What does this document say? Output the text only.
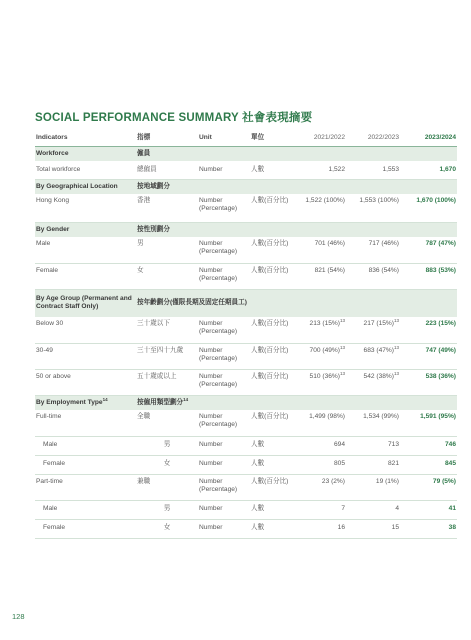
SOCIAL PERFORMANCE SUMMARY 社會表現摘要
Indicators	指標	Unit	單位	2021/2022	2022/2023	2023/2024
Workforce	僱員					
Total workforce	總僱員	Number	人數	1,522	1,553	1,670
By Geographical Location	按地域劃分					
Hong Kong	香港	Number (Percentage)	人數(百分比)	1,522 (100%)	1,553 (100%)	1,670 (100%)
By Gender	按性別劃分					
Male	男	Number (Percentage)	人數(百分比)	701 (46%)	717 (46%)	787 (47%)
Female	女	Number (Percentage)	人數(百分比)	821 (54%)	836 (54%)	883 (53%)
By Age Group (Permanent and Contract Staff Only)	按年齡劃分(僅限長期及固定任期員工)					
Below 30	三十歲以下	Number (Percentage)	人數(百分比)	213 $(15\%)^{13}$	217 $(15\%)^{13}$	223 (15%)
30-49	三十至四十九歲	Number (Percentage)	人數(百分比)	700 $(49\%)^{13}$	683 $(47\%)^{13}$	747 (49%)
50 or above	五十歲或以上	Number (Percentage)	人數(百分比)	510 $(36\%)^{13}$	542 $(38\%)^{13}$	538 (36%)
By Employment Type$^{14}$	按僱用類型劃分$^{14}$
Full-time	全職	Number (Percentage)	人數(百分比)	1,499 (98%)	1,534 (99%)	1,591 (95%)
Male	男	Number	人數	694	713	746
Female	女	Number	人數	805	821	845
Part-time	兼職	Number (Percentage)	人數(百分比)	23 (2%)	19 (1%)	79 (5%)
Male	男	Number	人數	7	4	41
Female	女	Number	人數	16	15	38
128
